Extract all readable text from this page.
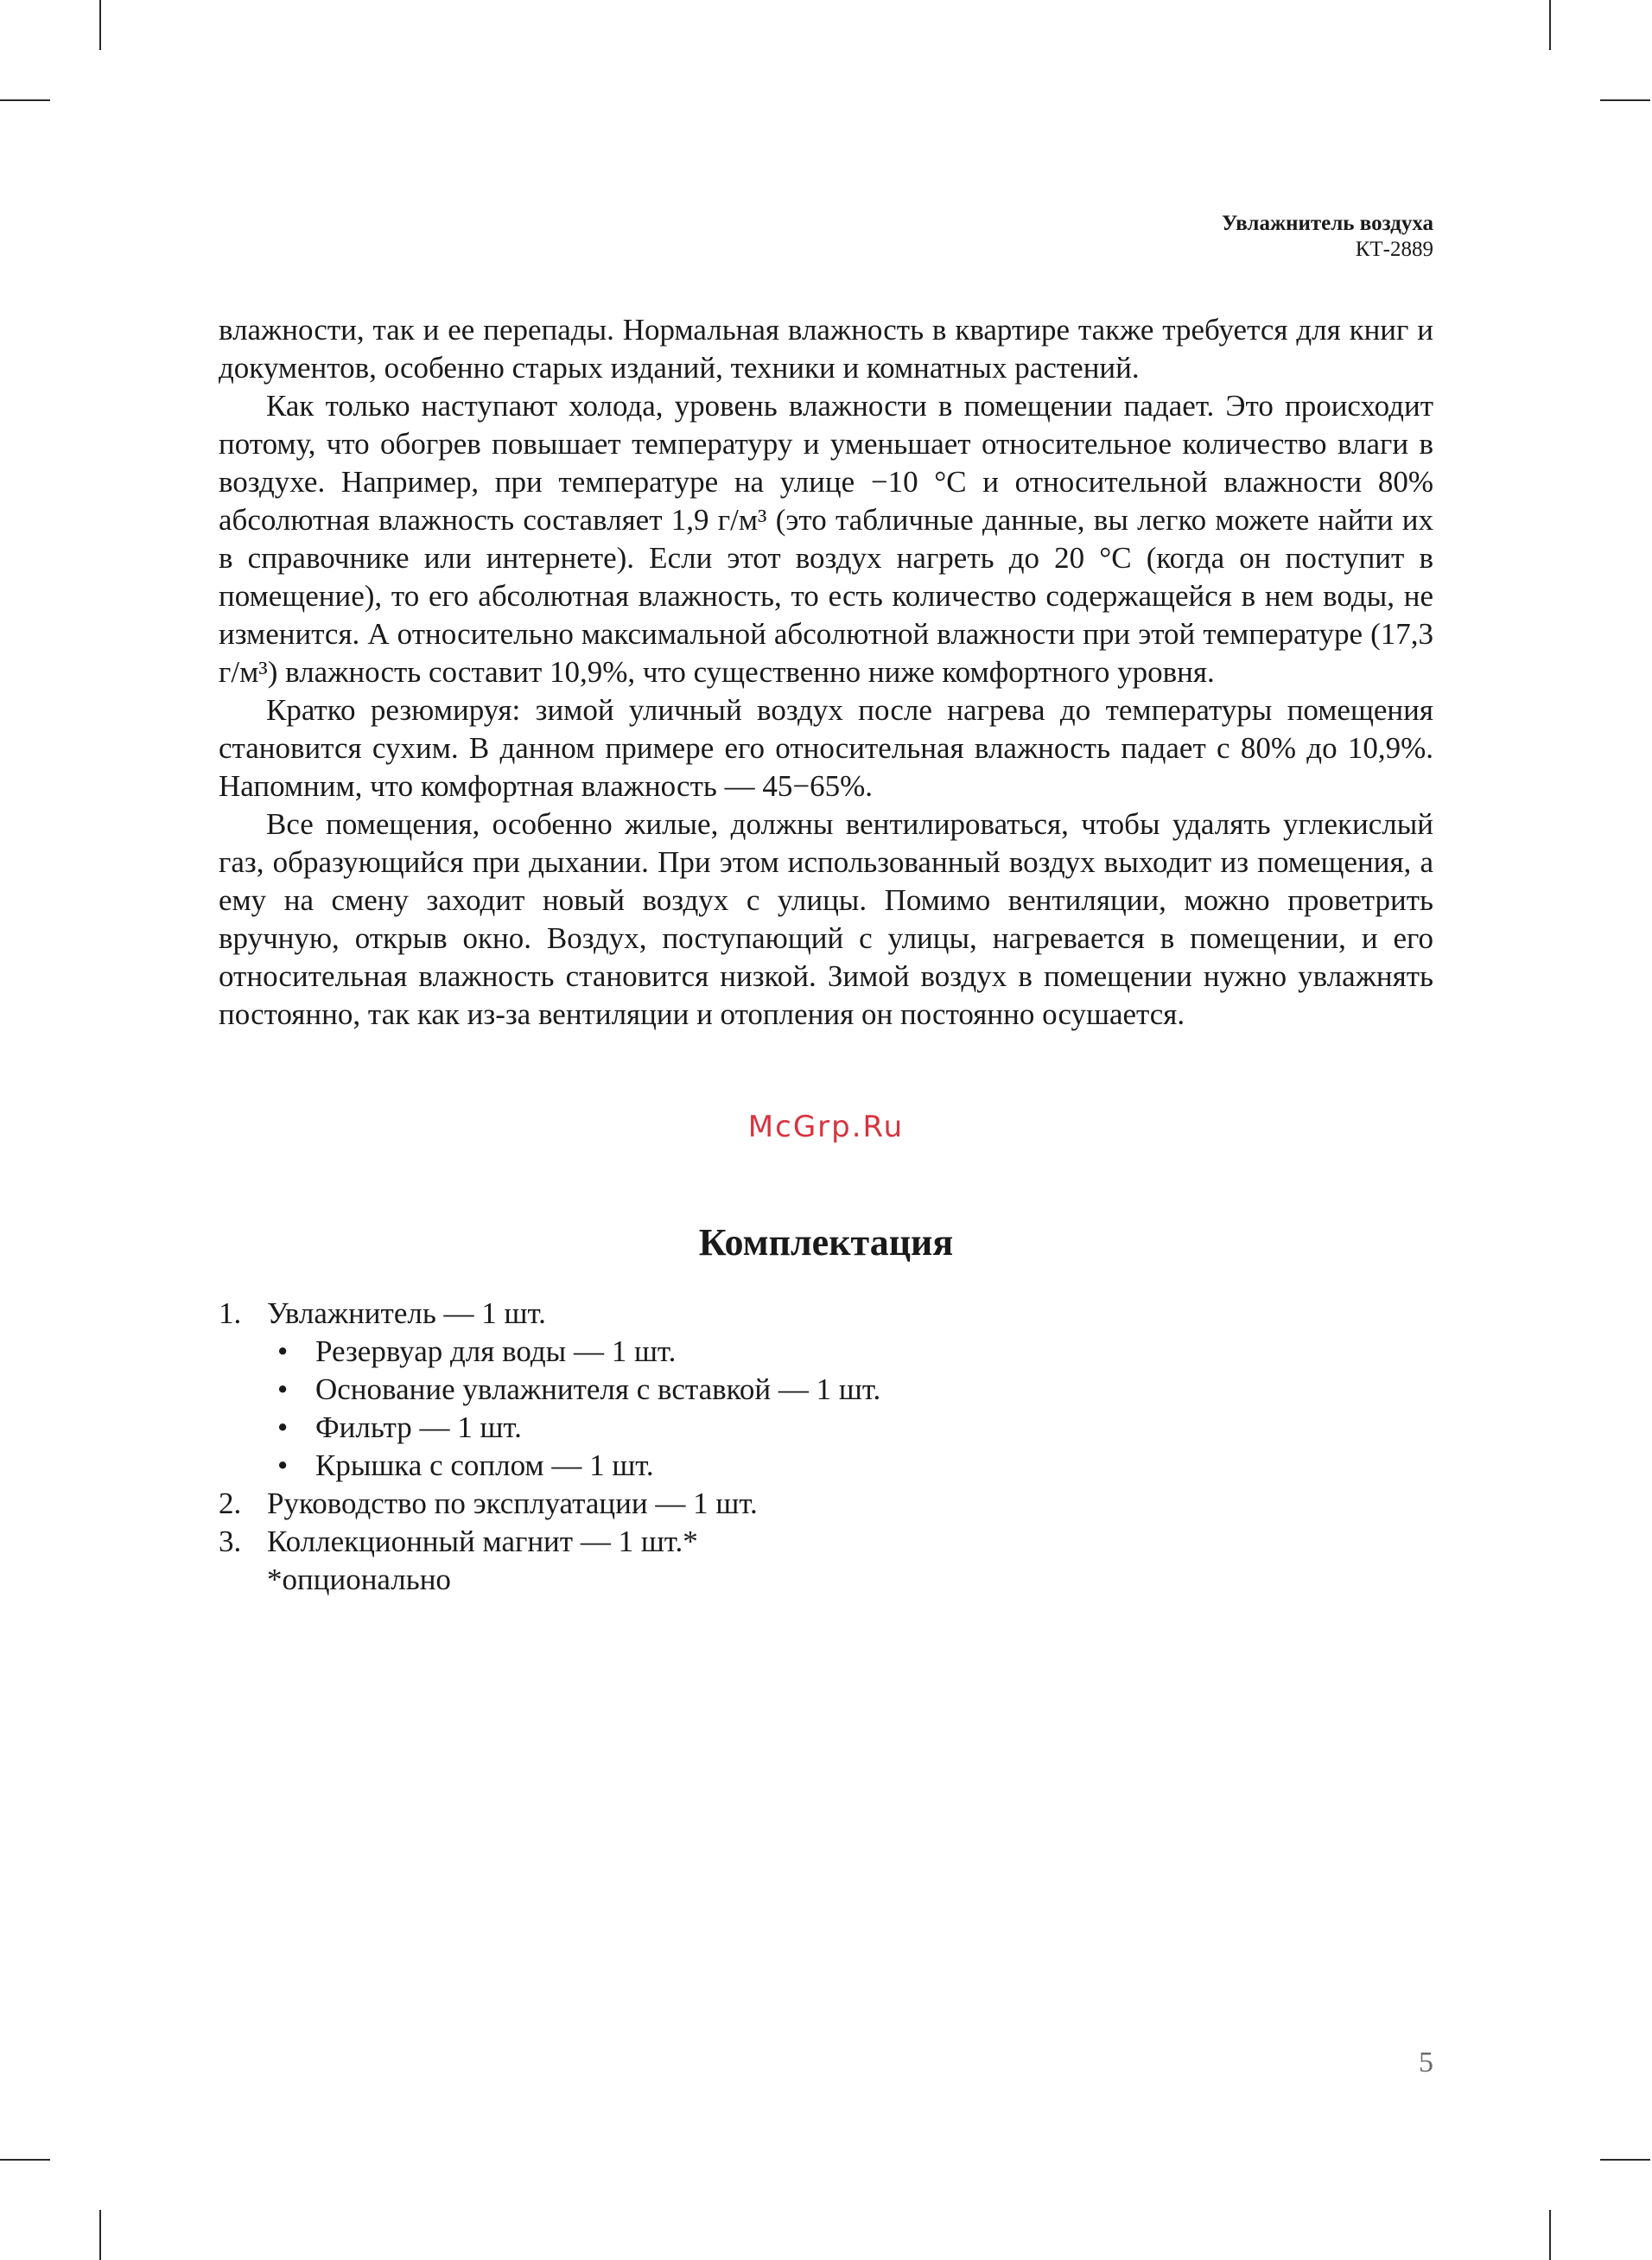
Увлажнитель воздуха
КТ-2889

влажности, так и ее перепады. Нормальная влажность в квартире также требуется для книг и документов, особенно старых изданий, техники и комнатных растений.

Как только наступают холода, уровень влажности в помещении падает. Это происходит потому, что обогрев повышает температуру и уменьшает относительное количество влаги в воздухе. Например, при температуре на улице −10 °С и относительной влажности 80% абсолютная влажность составляет 1,9 г/м³ (это табличные данные, вы легко можете найти их в справочнике или интернете). Если этот воздух нагреть до 20 °С (когда он поступит в помещение), то его абсолютная влажность, то есть количество содержащейся в нем воды, не изменится. А относительно максимальной абсолютной влажности при этой температуре (17,3 г/м³) влажность составит 10,9%, что существенно ниже комфортного уровня.

Кратко резюмируя: зимой уличный воздух после нагрева до температуры помещения становится сухим. В данном примере его относительная влажность падает с 80% до 10,9%. Напомним, что комфортная влажность — 45−65%.

Все помещения, особенно жилые, должны вентилироваться, чтобы удалять углекислый газ, образующийся при дыхании. При этом использованный воздух выходит из помещения, а ему на смену заходит новый воздух с улицы. Помимо вентиляции, можно проветрить вручную, открыв окно. Воздух, поступающий с улицы, нагревается в помещении, и его относительная влажность становится низкой. Зимой воздух в помещении нужно увлажнять постоянно, так как из-за вентиляции и отопления он постоянно осушается.

McGrp.Ru
Комплектация
1. Увлажнитель — 1 шт.
• Резервуар для воды — 1 шт.
• Основание увлажнителя с вставкой — 1 шт.
• Фильтр — 1 шт.
• Крышка с соплом — 1 шт.
2. Руководство по эксплуатации — 1 шт.
3. Коллекционный магнит — 1 шт.*
*опционально
5
